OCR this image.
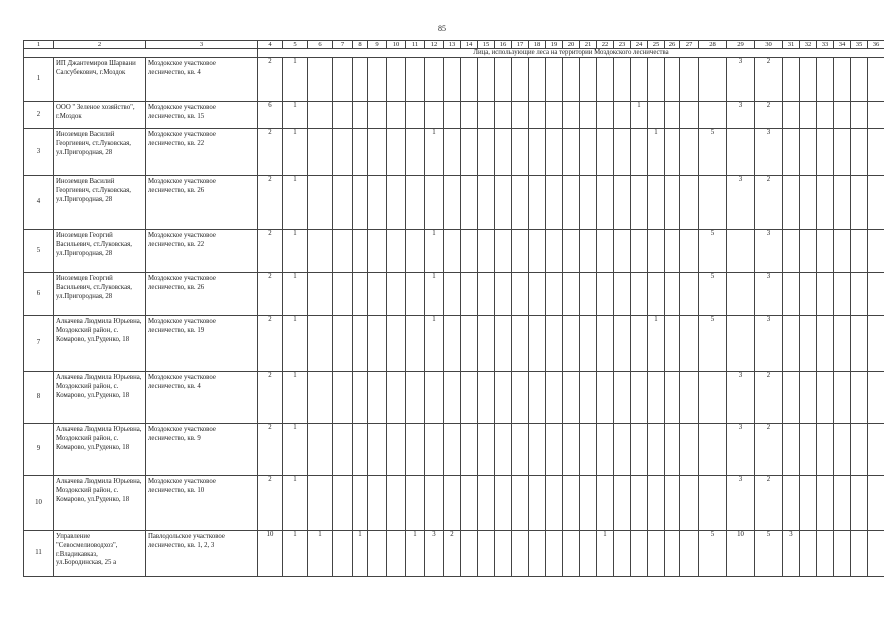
85
1	2	3	4	5	6	7	8	9	10	11	12	13	14	15	16	17	18	19	20	21	22	23	24	25	26	27	28	29	30	31	32	33	34	35	36
			Лица, использующие леса на территории Моздокского лесничества																																
1	ИП Джантемиров Шарвани Салсубекович, г.Моздок	Моздокское участковое лесничество, кв. 4	2	1																								3	2						
2	ООО " Зеленое хозяйство", г.Моздок	Моздокское участковое лесничество, кв. 15	6	1																			1					3	2						
3	Иноземцев Василий Георгиевич, ст.Луковская, ул.Пригородная, 28	Моздокское участковое лесничество, кв. 22	2	1							1													1			5		3						
4	Иноземцев Василий Георгиевич, ст.Луковская, ул.Пригородная, 28	Моздокское участковое лесничество, кв. 26	2	1																								3	2						
5	Иноземцев Георгий Васильевич, ст.Луковская, ул.Пригородная, 28	Моздокское участковое лесничество, кв. 22	2	1							1																5		3						
6	Иноземцев Георгий Васильевич, ст.Луковская, ул.Пригородная, 28	Моздокское участковое лесничество, кв. 26	2	1							1																5		3						
7	Алкачева Людмила Юрьевна, Моздокский район, с. Комарово, ул.Руденко, 18	Моздокское участковое лесничество, кв. 19	2	1							1													1			5		3						
8	Алкачева Людмила Юрьевна, Моздокский район, с. Комарово, ул.Руденко, 18	Моздокское участковое лесничество, кв. 4	2	1																								3	2						
9	Алкачева Людмила Юрьевна, Моздокский район, с. Комарово, ул.Руденко, 18	Моздокское участковое лесничество, кв. 9	2	1																								3	2						
10	Алкачева Людмила Юрьевна, Моздокский район, с. Комарово, ул.Руденко, 18	Моздокское участковое лесничество, кв. 10	2	1																								3	2						
11	Управление "Севосмелиоводхоз", г.Владикавказ, ул.Бородинская, 25 а	Павлодольское участковое лесничество, кв. 1, 2, 3	10	1	1		1			1	3	2									1						5	10	5	3					
